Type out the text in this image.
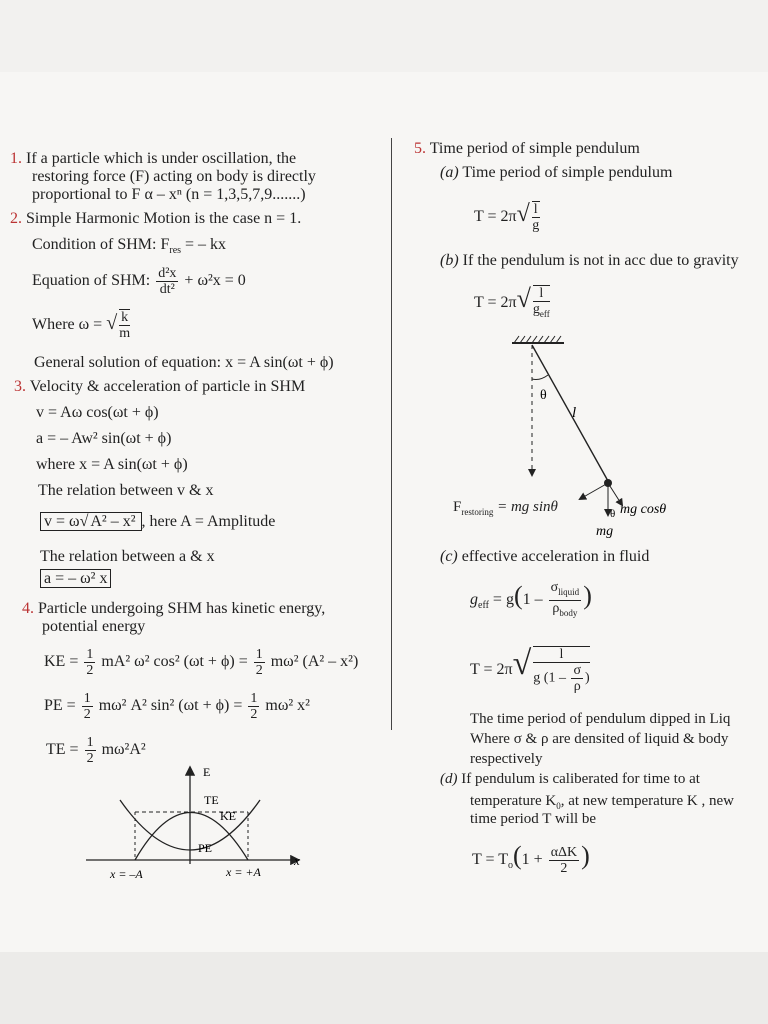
1. If a particle which is under oscillation, the
restoring force (F) acting on body is directly
proportional to F α – xⁿ (n = 1,3,5,7,9.......)
2. Simple Harmonic Motion is the case n = 1.
Condition of SHM: $F_{res}$ = – kx
Equation of SHM: $\frac{\text{d²x}}{\text{dt²}} + \omega^2x = 0$
Where ω = √ $\frac{k}{m}$
General solution of equation: x = A sin(ωt + ϕ)
3. Velocity & acceleration of particle in SHM
v = Aω cos(ωt + ϕ)
a = – Aw² sin(ωt + ϕ)
where x = A sin(ωt + ϕ)
The relation between v & x
v = ω√ A² – x² , here A = Amplitude
The relation between a & x
a = – ω² x
4. Particle undergoing SHM has kinetic energy,
potential energy
KE = $\frac{1}{2} mA^2$ ω² cos² $(\omega t + \phi) = \frac{1}{2} m\omega^2$ (A² – x²)
PE = $\frac{1}{2} m\omega^2$ A² sin² $(\omega t + \phi) = \frac{1}{2} m\omega^2$ x²
TE = $\frac{1}{2} m\omega^2A^2$
E
TE
KE
PE
x
x = –A	x = +A
5. Time period of simple pendulum
(a) Time period of simple pendulum
$T = 2\pi√ \frac{l}{g}$
(b) If the pendulum is not in acc due to gravity
$T = 2\pi√ \frac{l}{g_{eff}}$
θ
l
mg cosθ
θ
mg
$F_{restoring}$ = mg sinθ
(c) effective acceleration in fluid
$g_{eff} = g(1 - \frac{\sigma_{liquid}}{\rho_{body}}$ )
$T = 2\pi√ \frac{l}{g (1 - \frac{\sigma}{\rho} )}$
The time period of pendulum dipped in Liq
Where σ & ρ are densited of liquid & body
respectively
(d) If pendulum is caliberated for time to at
temperature $K_0$, at new temperature K , new
time period T will be
$T = T_o(1 + \frac{\text{αΔK}}{2}$ )
